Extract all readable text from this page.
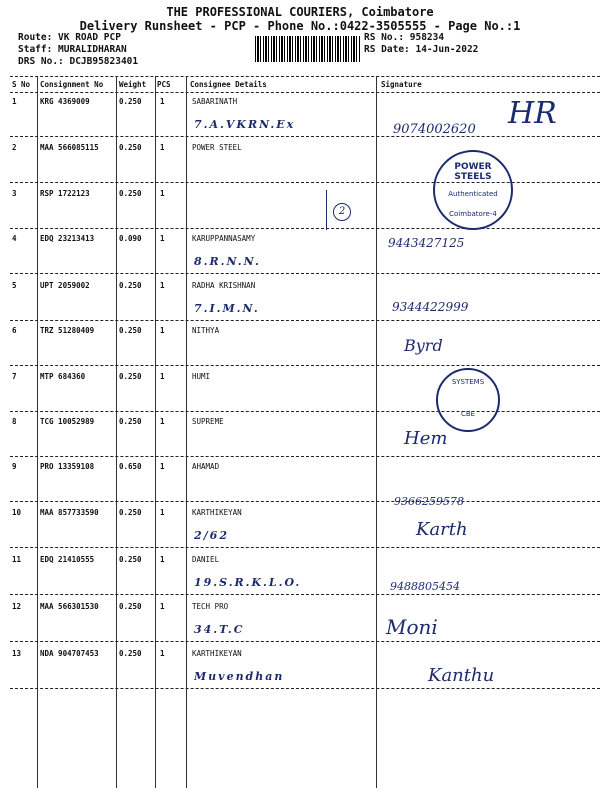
THE PROFESSIONAL COURIERS, Coimbatore
Delivery Runsheet - PCP - Phone No.:0422-3505555 - Page No.:1
Route: VK ROAD PCP
Staff: MURALIDHARAN
DRS No.: DCJB95823401
RS No.: 958234
RS Date: 14-Jun-2022
S No Consignment No Weight PCS	Consignee Details	Signature
1	KRG 4369009	0.250 1	SABARINATH
7.A.VKRN.Ex	9074002620
2	MAA 566085115	0.250 1	POWER STEEL
3	RSP 1722123	0.250 1
4	EDQ 23213413	0.090 1	KARUPPANNASAMY
8.R.N.N.
9443427125
5	UPT 2059002	0.250 1	RADHA KRISHNAN
7.I.M.N.	9344422999
6	TRZ 51280409	0.250 1	NITHYA
Byrd
7	MTP 684360	0.250 1	HUMI
8	TCG 10052989	0.250 1	SUPREME
Hem
9	PRO 13359108	0.650 1	AHAMAD
9366259578
10	MAA 857733590	0.250 1	KARTHIKEYAN
2/62	Karth
11	EDQ 21410555	0.250 1	DANIEL
19.S.R.K.L.O.	9488805454
12	MAA 566301530	0.250 1	TECH PRO
34.T.C	Moni
13	NDA 904707453	0.250 1	KARTHIKEYAN
Muvendhan	Kanthu
POWER STEELS
Authenticated
Coimbatore-4
SYSTEMS
CBE
2
HR
